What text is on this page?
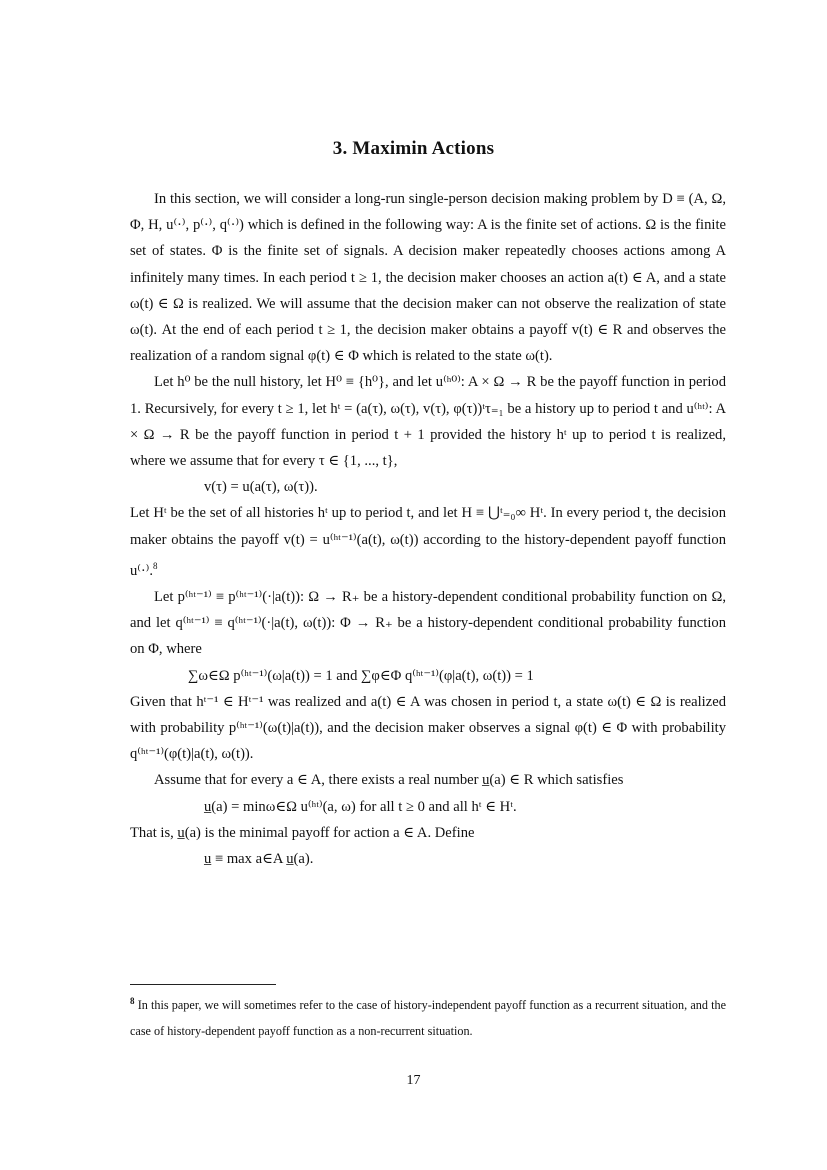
3. Maximin Actions

In this section, we will consider a long-run single-person decision making problem by D ≡ (A, Ω, Φ, H, u⁽·⁾, p⁽·⁾, q⁽·⁾) which is defined in the following way: A is the finite set of actions. Ω is the finite set of states. Φ is the finite set of signals. A decision maker repeatedly chooses actions among A infinitely many times. In each period t ≥ 1, the decision maker chooses an action a(t) ∈ A, and a state ω(t) ∈ Ω is realized. We will assume that the decision maker can not observe the realization of state ω(t). At the end of each period t ≥ 1, the decision maker obtains a payoff v(t) ∈ R and observes the realization of a random signal φ(t) ∈ Φ which is related to the state ω(t).

Let h⁰ be the null history, let H⁰ ≡ {h⁰}, and let u⁽ʰ⁰⁾: A × Ω → R be the payoff function in period 1. Recursively, for every t ≥ 1, let hᵗ = (a(τ), ω(τ), v(τ), φ(τ))ᵗτ₌₁ be a history up to period t and u⁽ʰᵗ⁾: A × Ω → R be the payoff function in period t + 1 provided the history hᵗ up to period t is realized, where we assume that for every τ ∈ {1, ..., t},

v(τ) = u(a(τ), ω(τ)).

Let Hᵗ be the set of all histories hᵗ up to period t, and let H ≡ ⋃ᵗ₌₀∞ Hᵗ. In every period t, the decision maker obtains the payoff v(t) = u⁽ʰᵗ⁻¹⁾(a(t), ω(t)) according to the history-dependent payoff function u⁽·⁾.$^8$

Let p⁽ʰᵗ⁻¹⁾ ≡ p⁽ʰᵗ⁻¹⁾(·|a(t)): Ω → R₊ be a history-dependent conditional probability function on Ω, and let q⁽ʰᵗ⁻¹⁾ ≡ q⁽ʰᵗ⁻¹⁾(·|a(t), ω(t)): Φ → R₊ be a history-dependent conditional probability function on Φ, where

∑ω∈Ω p⁽ʰᵗ⁻¹⁾(ω|a(t)) = 1 and ∑φ∈Φ q⁽ʰᵗ⁻¹⁾(φ|a(t), ω(t)) = 1

Given that hᵗ⁻¹ ∈ Hᵗ⁻¹ was realized and a(t) ∈ A was chosen in period t, a state ω(t) ∈ Ω is realized with probability p⁽ʰᵗ⁻¹⁾(ω(t)|a(t)), and the decision maker observes a signal φ(t) ∈ Φ with probability q⁽ʰᵗ⁻¹⁾(φ(t)|a(t), ω(t)).

Assume that for every a ∈ A, there exists a real number u̲(a) ∈ R which satisfies

u̲(a) = minω∈Ω u⁽ʰᵗ⁾(a, ω) for all t ≥ 0 and all hᵗ ∈ Hᵗ.

That is, u̲(a) is the minimal payoff for action a ∈ A. Define

u̲ ≡ max a∈A u̲(a).

$^8$ In this paper, we will sometimes refer to the case of history-independent payoff function as a recurrent situation, and the case of history-dependent payoff function as a non-recurrent situation.
17
